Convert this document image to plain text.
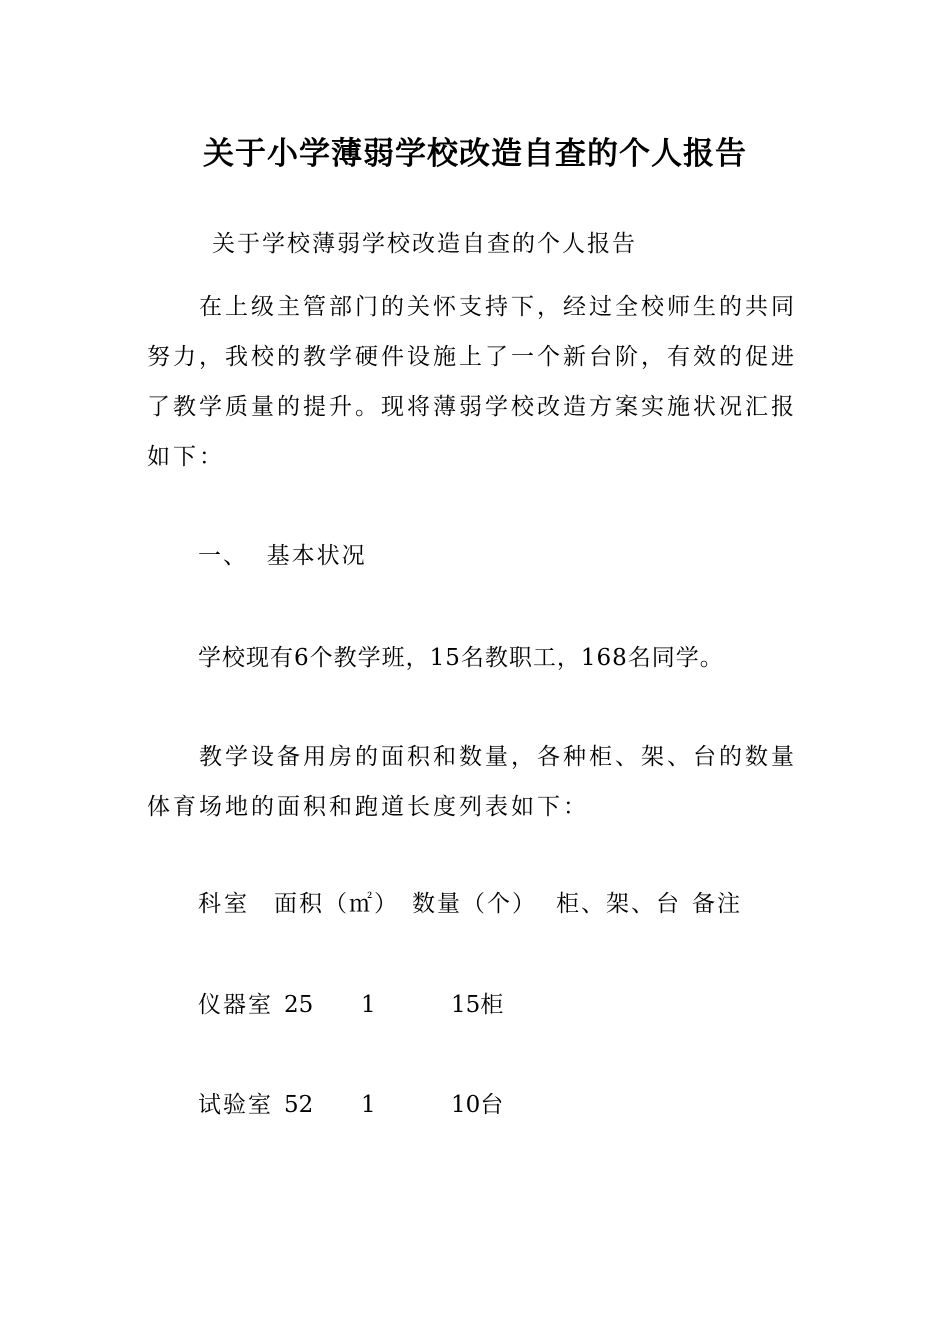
关于小学薄弱学校改造自查的个人报告
关于学校薄弱学校改造自查的个人报告
在上级主管部门的关怀支持下，经过全校师生的共同努力，我校的教学硬件设施上了一个新台阶，有效的促进了教学质量的提升。现将薄弱学校改造方案实施状况汇报如下：
一、  基本状况
学校现有6个教学班，15名教职工，168名同学。
教学设备用房的面积和数量，各种柜、架、台的数量体育场地的面积和跑道长度列表如下：
科室 面积（㎡） 数量（个） 柜、架、台 备注
仪器室 25 1	15柜
试验室 52 1	10台
